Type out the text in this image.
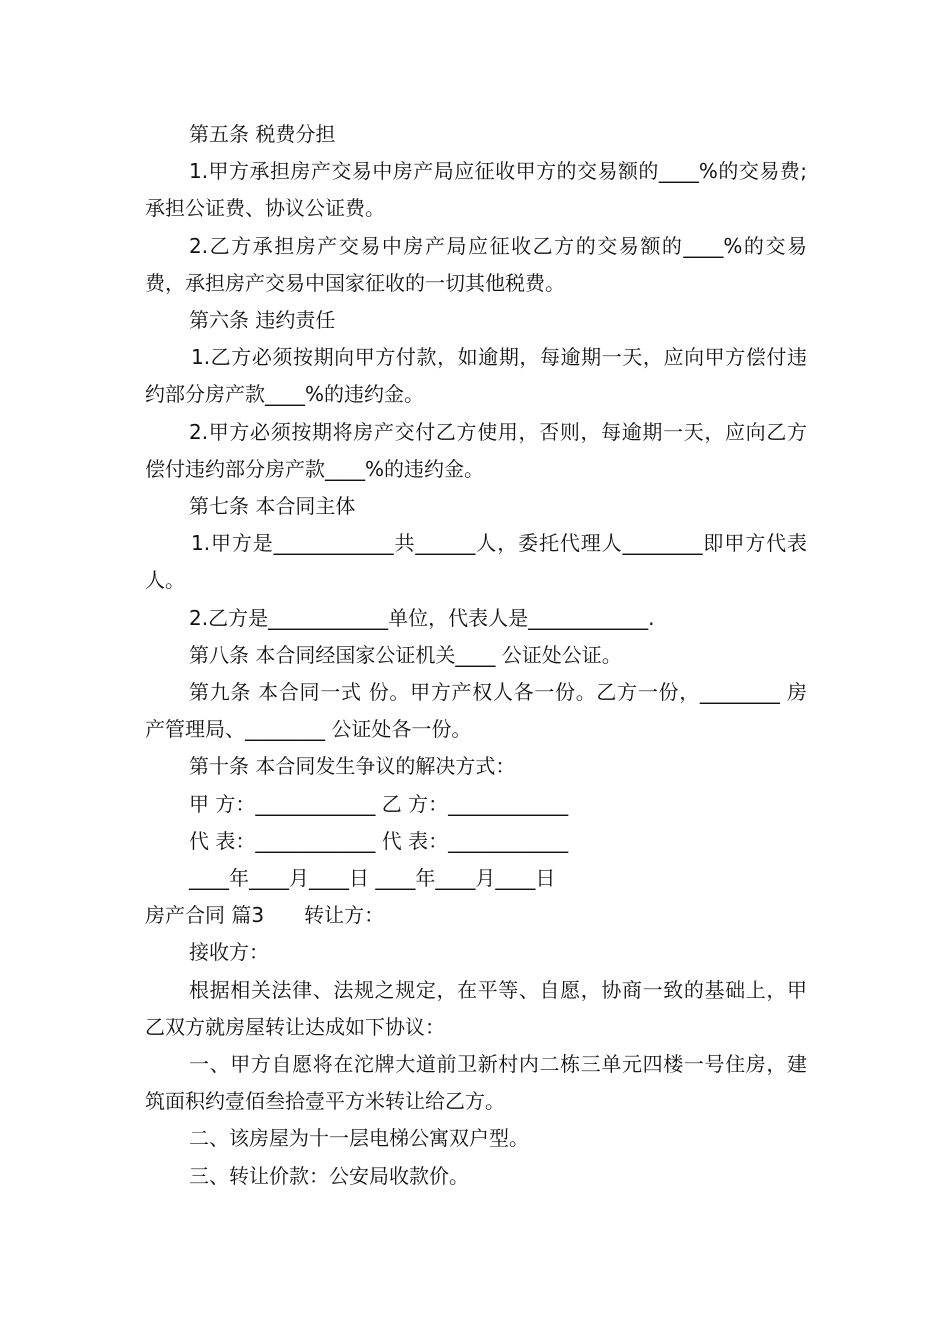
第五条 税费分担

1.甲方承担房产交易中房产局应征收甲方的交易额的____%的交易费;承担公证费、协议公证费。

2.乙方承担房产交易中房产局应征收乙方的交易额的____%的交易费，承担房产交易中国家征收的一切其他税费。

第六条 违约责任

1.乙方必须按期向甲方付款，如逾期，每逾期一天，应向甲方偿付违约部分房产款____%的违约金。

2.甲方必须按期将房产交付乙方使用，否则，每逾期一天，应向乙方偿付违约部分房产款____%的违约金。

第七条 本合同主体

1.甲方是____________共______人，委托代理人________即甲方代表人。

2.乙方是____________单位，代表人是____________.

第八条 本合同经国家公证机关____ 公证处公证。

第九条 本合同一式 份。甲方产权人各一份。乙方一份，________ 房产管理局、________ 公证处各一份。

第十条 本合同发生争议的解决方式：

甲 方：____________ 乙 方：____________

代 表：____________ 代 表：____________

____年____月____日 ____年____月____日

房产合同 篇3　　转让方：

接收方：

根据相关法律、法规之规定，在平等、自愿，协商一致的基础上，甲乙双方就房屋转让达成如下协议：

一、甲方自愿将在沱牌大道前卫新村内二栋三单元四楼一号住房，建筑面积约壹佰叁拾壹平方米转让给乙方。

二、该房屋为十一层电梯公寓双户型。

三、转让价款：公安局收款价。
